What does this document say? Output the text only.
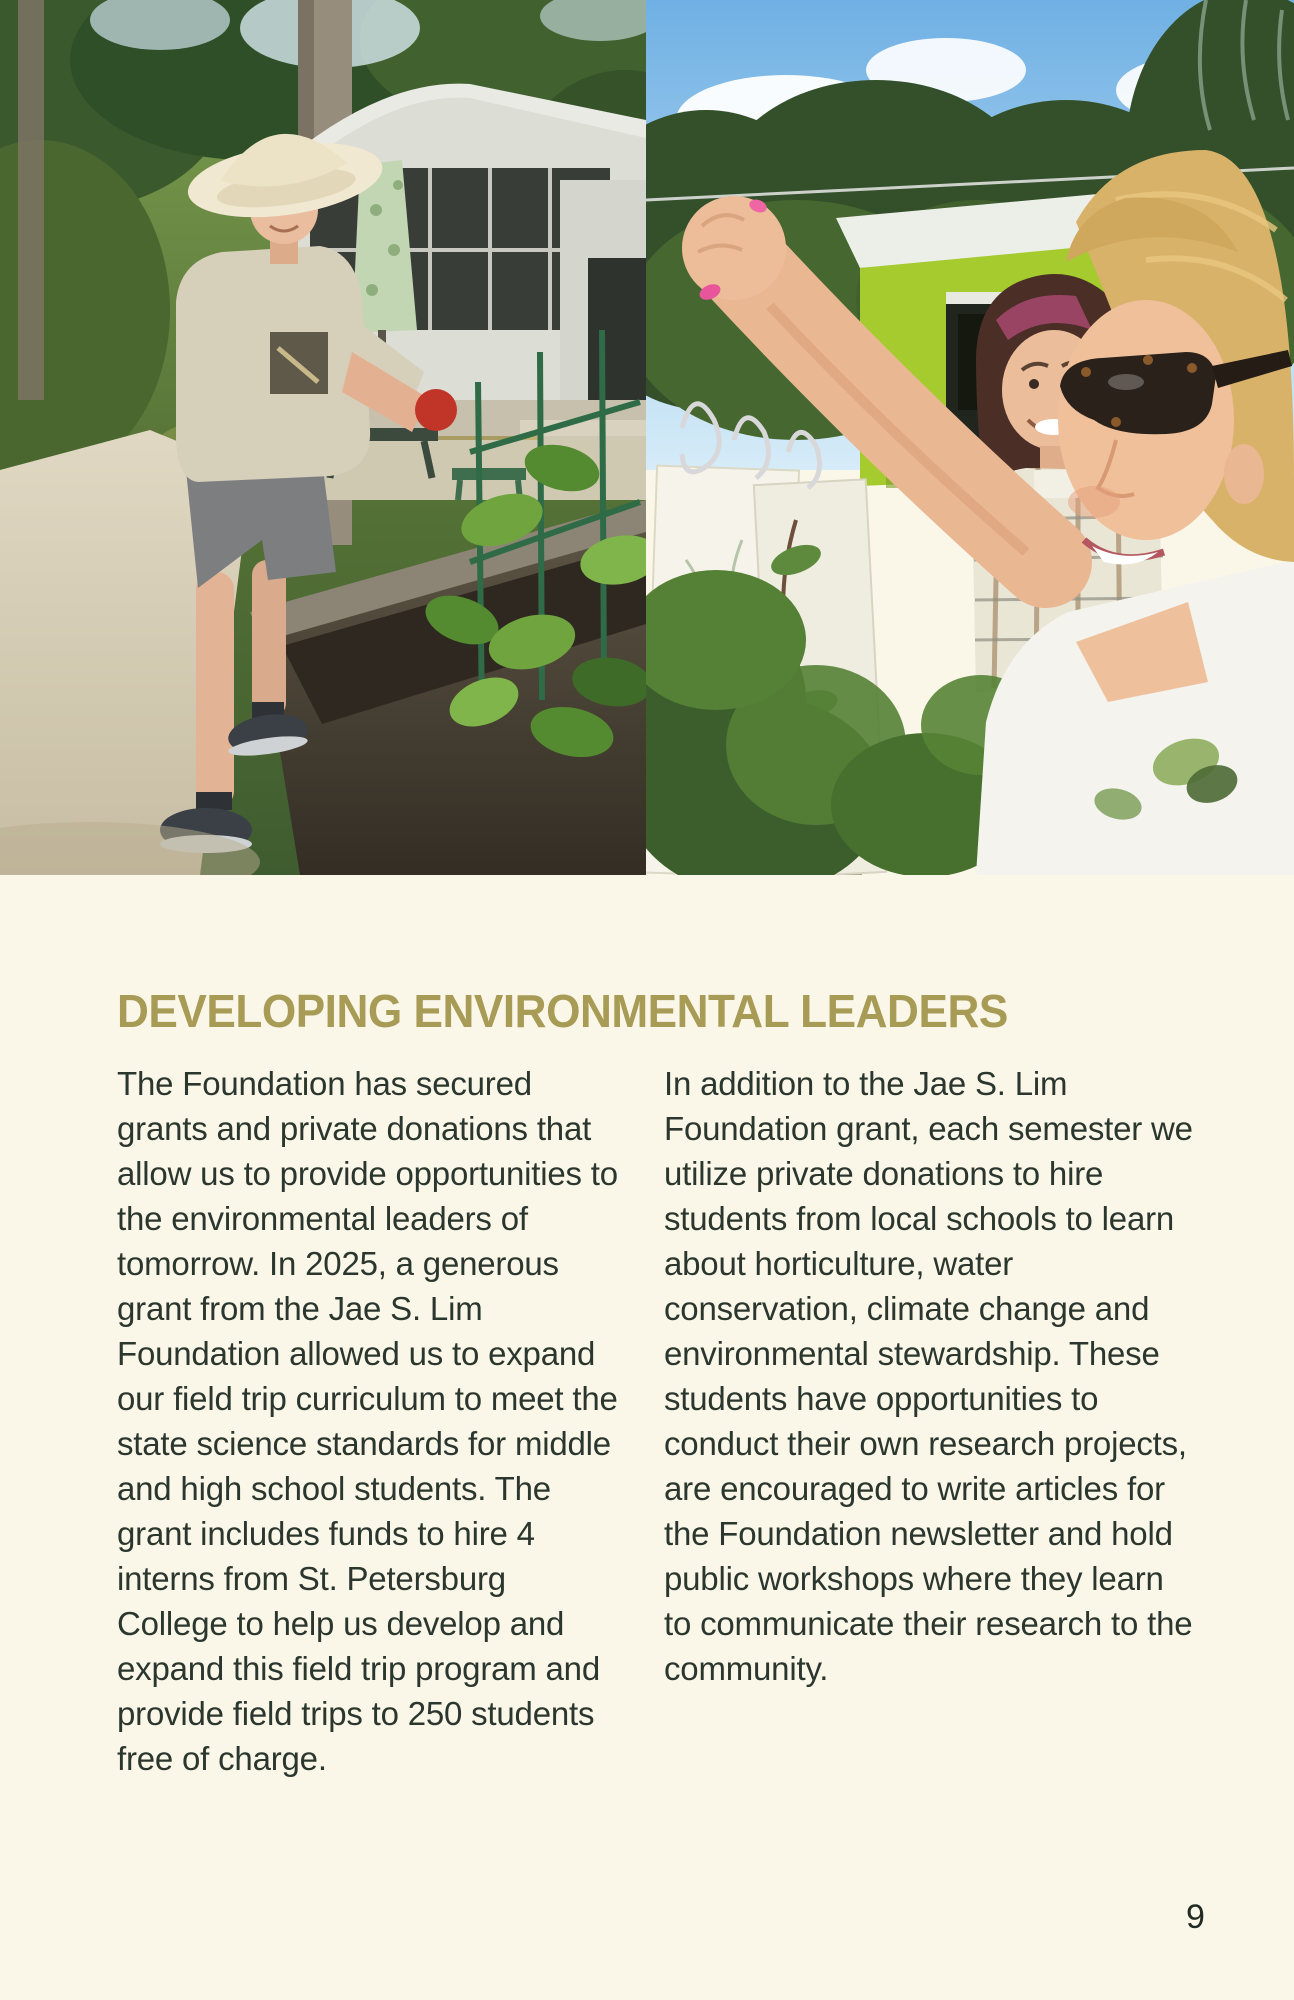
DEVELOPING ENVIRONMENTAL LEADERS

The Foundation has secured grants and private donations that allow us to provide opportunities to the environmental leaders of tomorrow. In 2025, a generous grant from the Jae S. Lim Foundation allowed us to expand our field trip curriculum to meet the state science standards for middle and high school students. The grant includes funds to hire 4 interns from St. Petersburg College to help us develop and expand this field trip program and provide field trips to 250 students free of charge.

In addition to the Jae S. Lim Foundation grant, each semester we utilize private donations to hire students from local schools to learn about horticulture, water conservation, climate change and environmental stewardship. These students have opportunities to conduct their own research projects, are encouraged to write articles for the Foundation newsletter and hold public workshops where they learn to communicate their research to the community.

9
